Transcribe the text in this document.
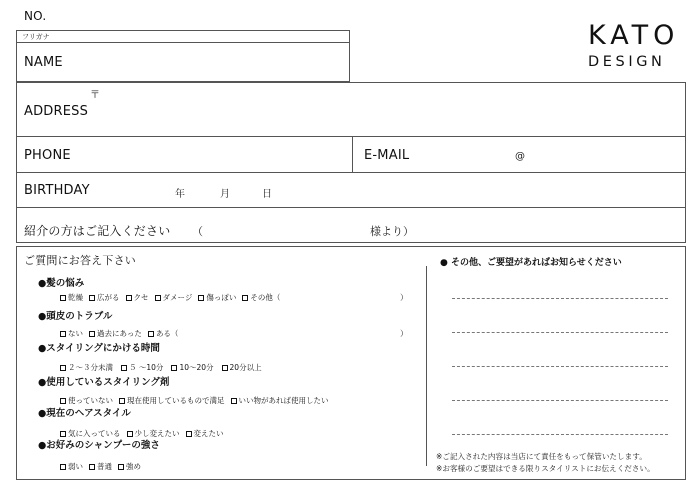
NO.
フリガナ
NAME
KATO
DESIGN
〒
ADDRESS
PHONE	E-MAIL	@
BIRTHDAY	年	月	日
紹介の方はご記入ください （	様より）
ご質問にお答え下さい
●髪の悩み
乾燥 広がる クセ ダメージ 傷っぽい その他（	）
●頭皮のトラブル
ない 過去にあった ある（	）
●スタイリングにかける時間
２～３分未満 ５ ～10分 10～20分 20分以上
●使用しているスタイリング剤
使っていない 現在使用しているもので満足 いい物があれば使用したい
●現在のヘアスタイル
気に入っている 少し変えたい 変えたい
●お好みのシャンプーの強さ
弱い 普通 強め
● その他、ご要望があればお知らせください
※ご記入された内容は当店にて責任をもって保管いたします。
※お客様のご要望はできる限りスタイリストにお伝えください。
